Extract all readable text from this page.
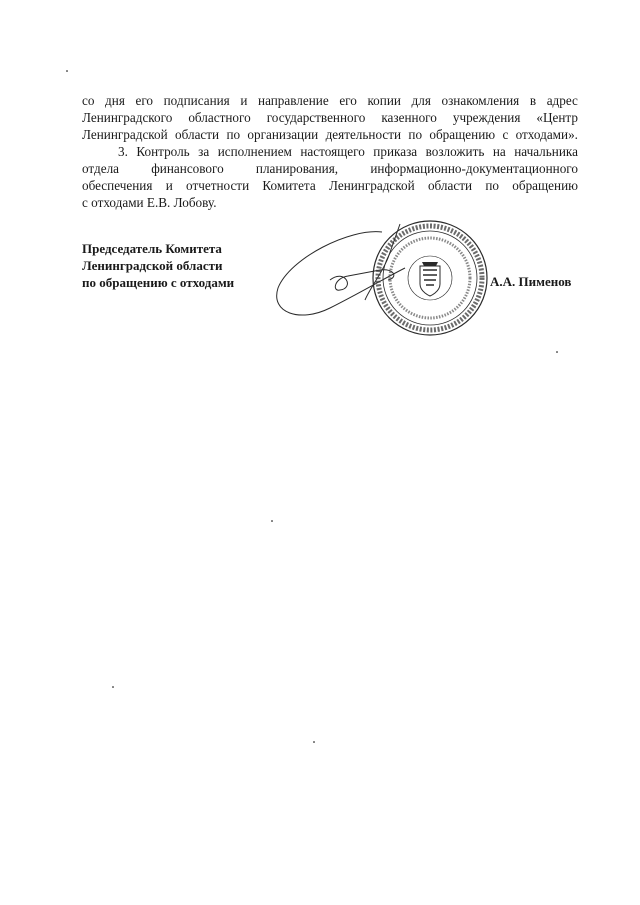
со дня его подписания и направление его копии для ознакомления в адрес
Ленинградского областного государственного казенного учреждения «Центр
Ленинградской области по организации деятельности по обращению с отходами».
3. Контроль за исполнением настоящего приказа возложить на начальника
отдела финансового планирования, информационно-документационного
обеспечения и отчетности Комитета Ленинградской области по обращению
с отходами Е.В. Лобову.
Председатель Комитета
Ленинградской области
по обращению с отходами	А.А. Пименов
